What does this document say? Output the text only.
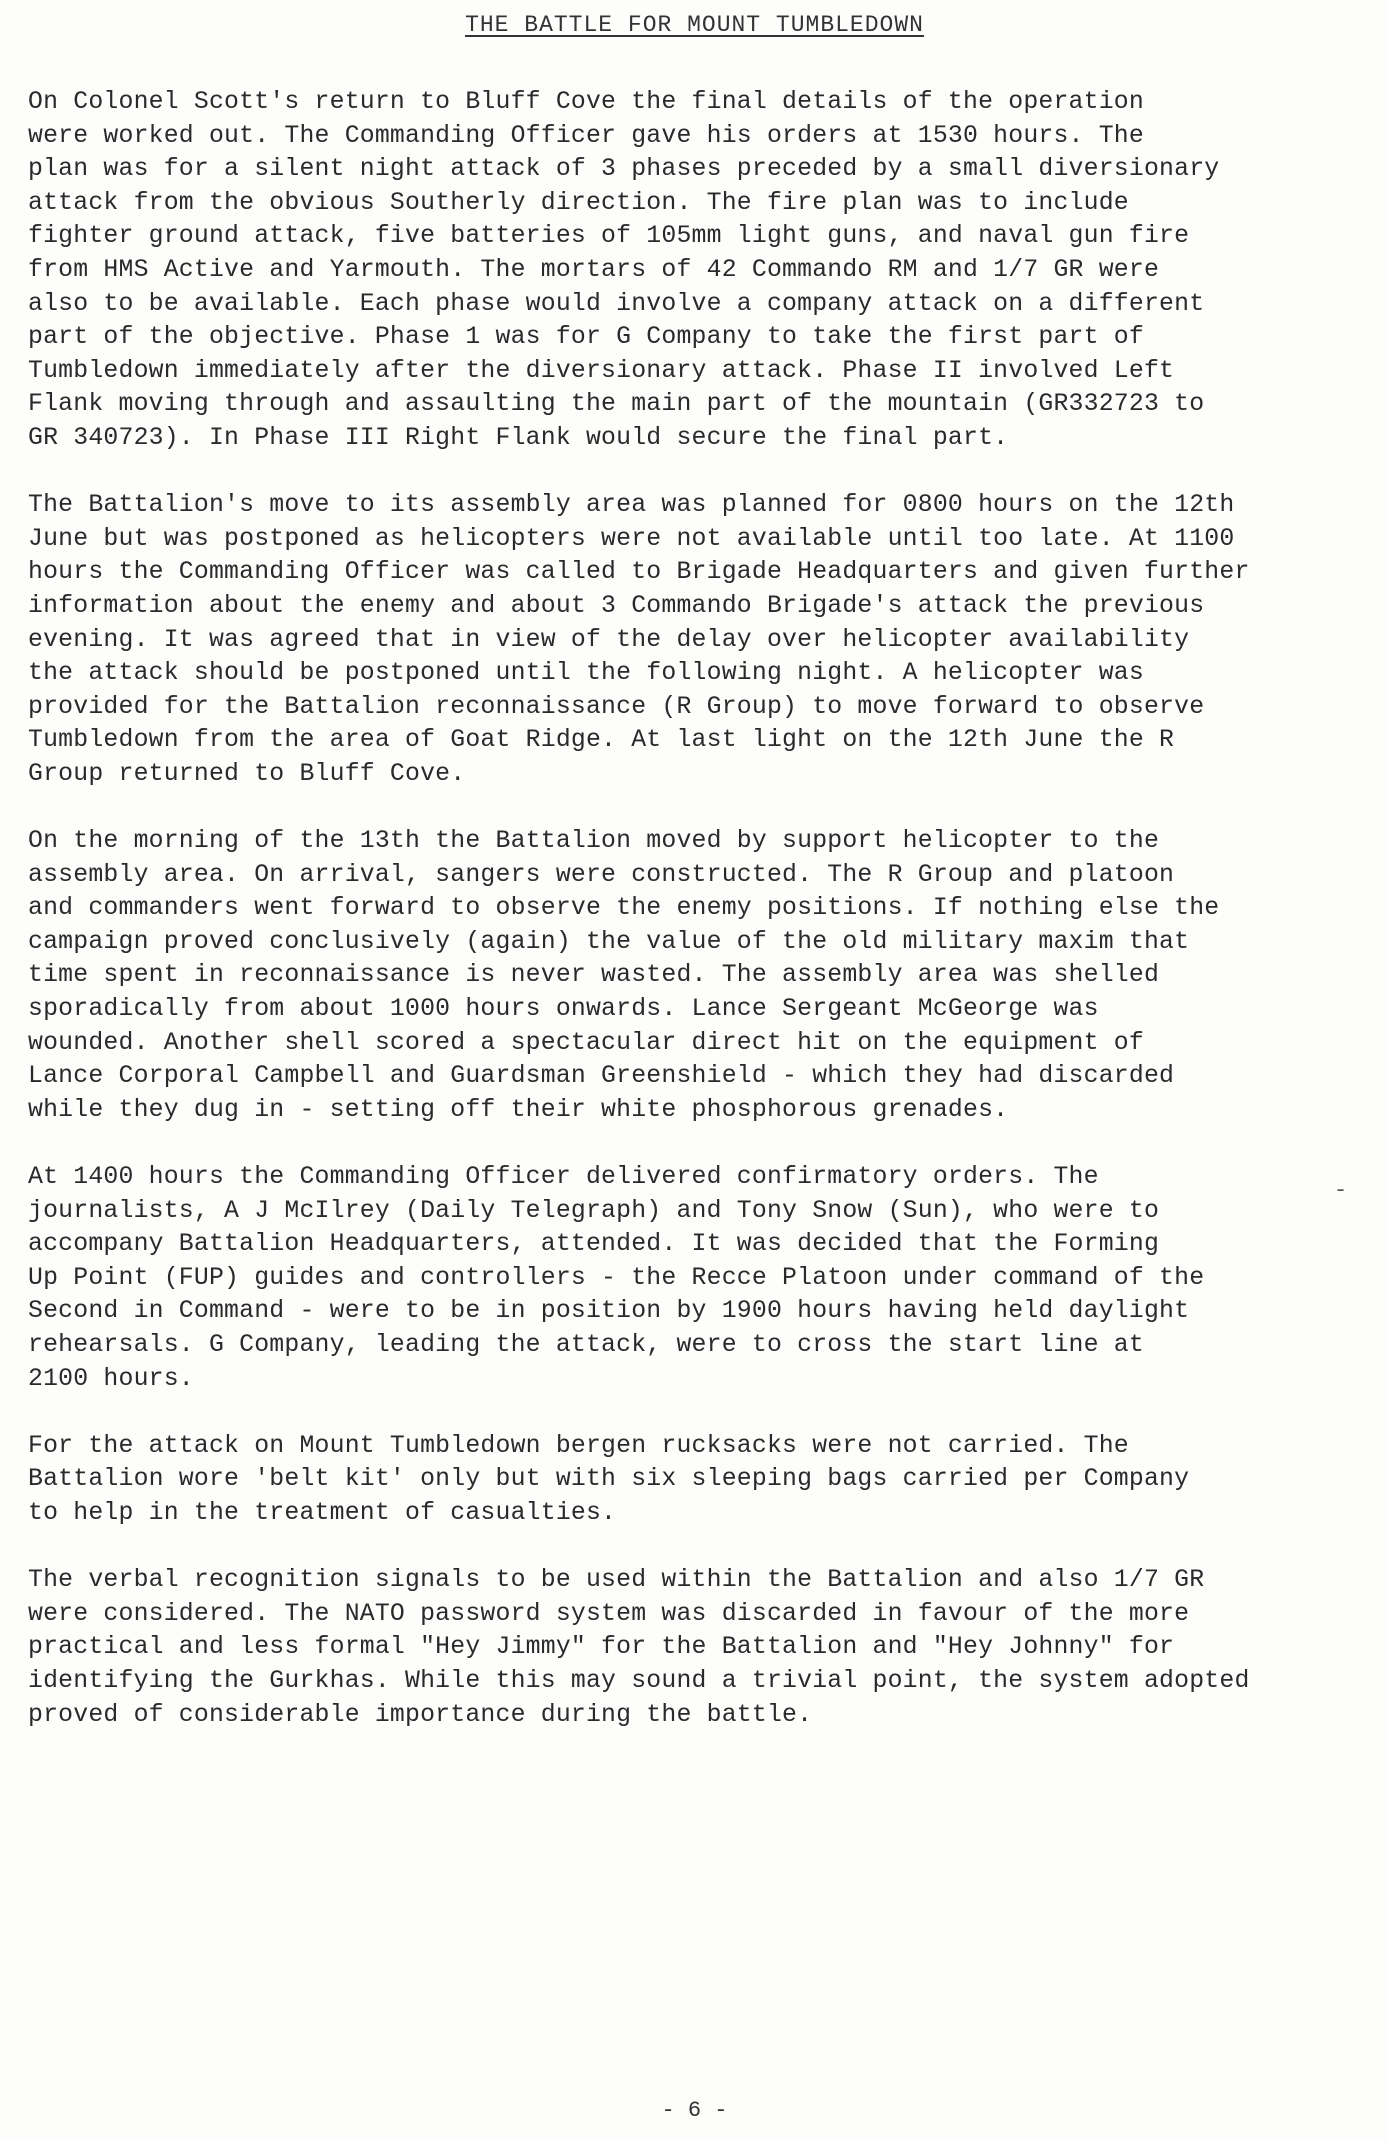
THE BATTLE FOR MOUNT TUMBLEDOWN
On Colonel Scott's return to Bluff Cove the final details of the operation
were worked out. The Commanding Officer gave his orders at 1530 hours. The
plan was for a silent night attack of 3 phases preceded by a small diversionary
attack from the obvious Southerly direction. The fire plan was to include
fighter ground attack, five batteries of 105mm light guns, and naval gun fire
from HMS Active and Yarmouth. The mortars of 42 Commando RM and 1/7 GR were
also to be available. Each phase would involve a company attack on a different
part of the objective. Phase 1 was for G Company to take the first part of
Tumbledown immediately after the diversionary attack. Phase II involved Left
Flank moving through and assaulting the main part of the mountain (GR332723 to
GR 340723). In Phase III Right Flank would secure the final part.
The Battalion's move to its assembly area was planned for 0800 hours on the 12th
June but was postponed as helicopters were not available until too late. At 1100
hours the Commanding Officer was called to Brigade Headquarters and given further
information about the enemy and about 3 Commando Brigade's attack the previous
evening. It was agreed that in view of the delay over helicopter availability
the attack should be postponed until the following night. A helicopter was
provided for the Battalion reconnaissance (R Group) to move forward to observe
Tumbledown from the area of Goat Ridge. At last light on the 12th June the R
Group returned to Bluff Cove.
On the morning of the 13th the Battalion moved by support helicopter to the
assembly area. On arrival, sangers were constructed. The R Group and platoon
and commanders went forward to observe the enemy positions. If nothing else the
campaign proved conclusively (again) the value of the old military maxim that
time spent in reconnaissance is never wasted. The assembly area was shelled
sporadically from about 1000 hours onwards. Lance Sergeant McGeorge was
wounded. Another shell scored a spectacular direct hit on the equipment of
Lance Corporal Campbell and Guardsman Greenshield - which they had discarded
while they dug in - setting off their white phosphorous grenades.
At 1400 hours the Commanding Officer delivered confirmatory orders. The
journalists, A J McIlrey (Daily Telegraph) and Tony Snow (Sun), who were to
accompany Battalion Headquarters, attended. It was decided that the Forming
Up Point (FUP) guides and controllers - the Recce Platoon under command of the
Second in Command - were to be in position by 1900 hours having held daylight
rehearsals. G Company, leading the attack, were to cross the start line at
2100 hours.
For the attack on Mount Tumbledown bergen rucksacks were not carried. The
Battalion wore 'belt kit' only but with six sleeping bags carried per Company
to help in the treatment of casualties.
The verbal recognition signals to be used within the Battalion and also 1/7 GR
were considered. The NATO password system was discarded in favour of the more
practical and less formal "Hey Jimmy" for the Battalion and "Hey Johnny" for
identifying the Gurkhas. While this may sound a trivial point, the system adopted
proved of considerable importance during the battle.
-
- 6 -
